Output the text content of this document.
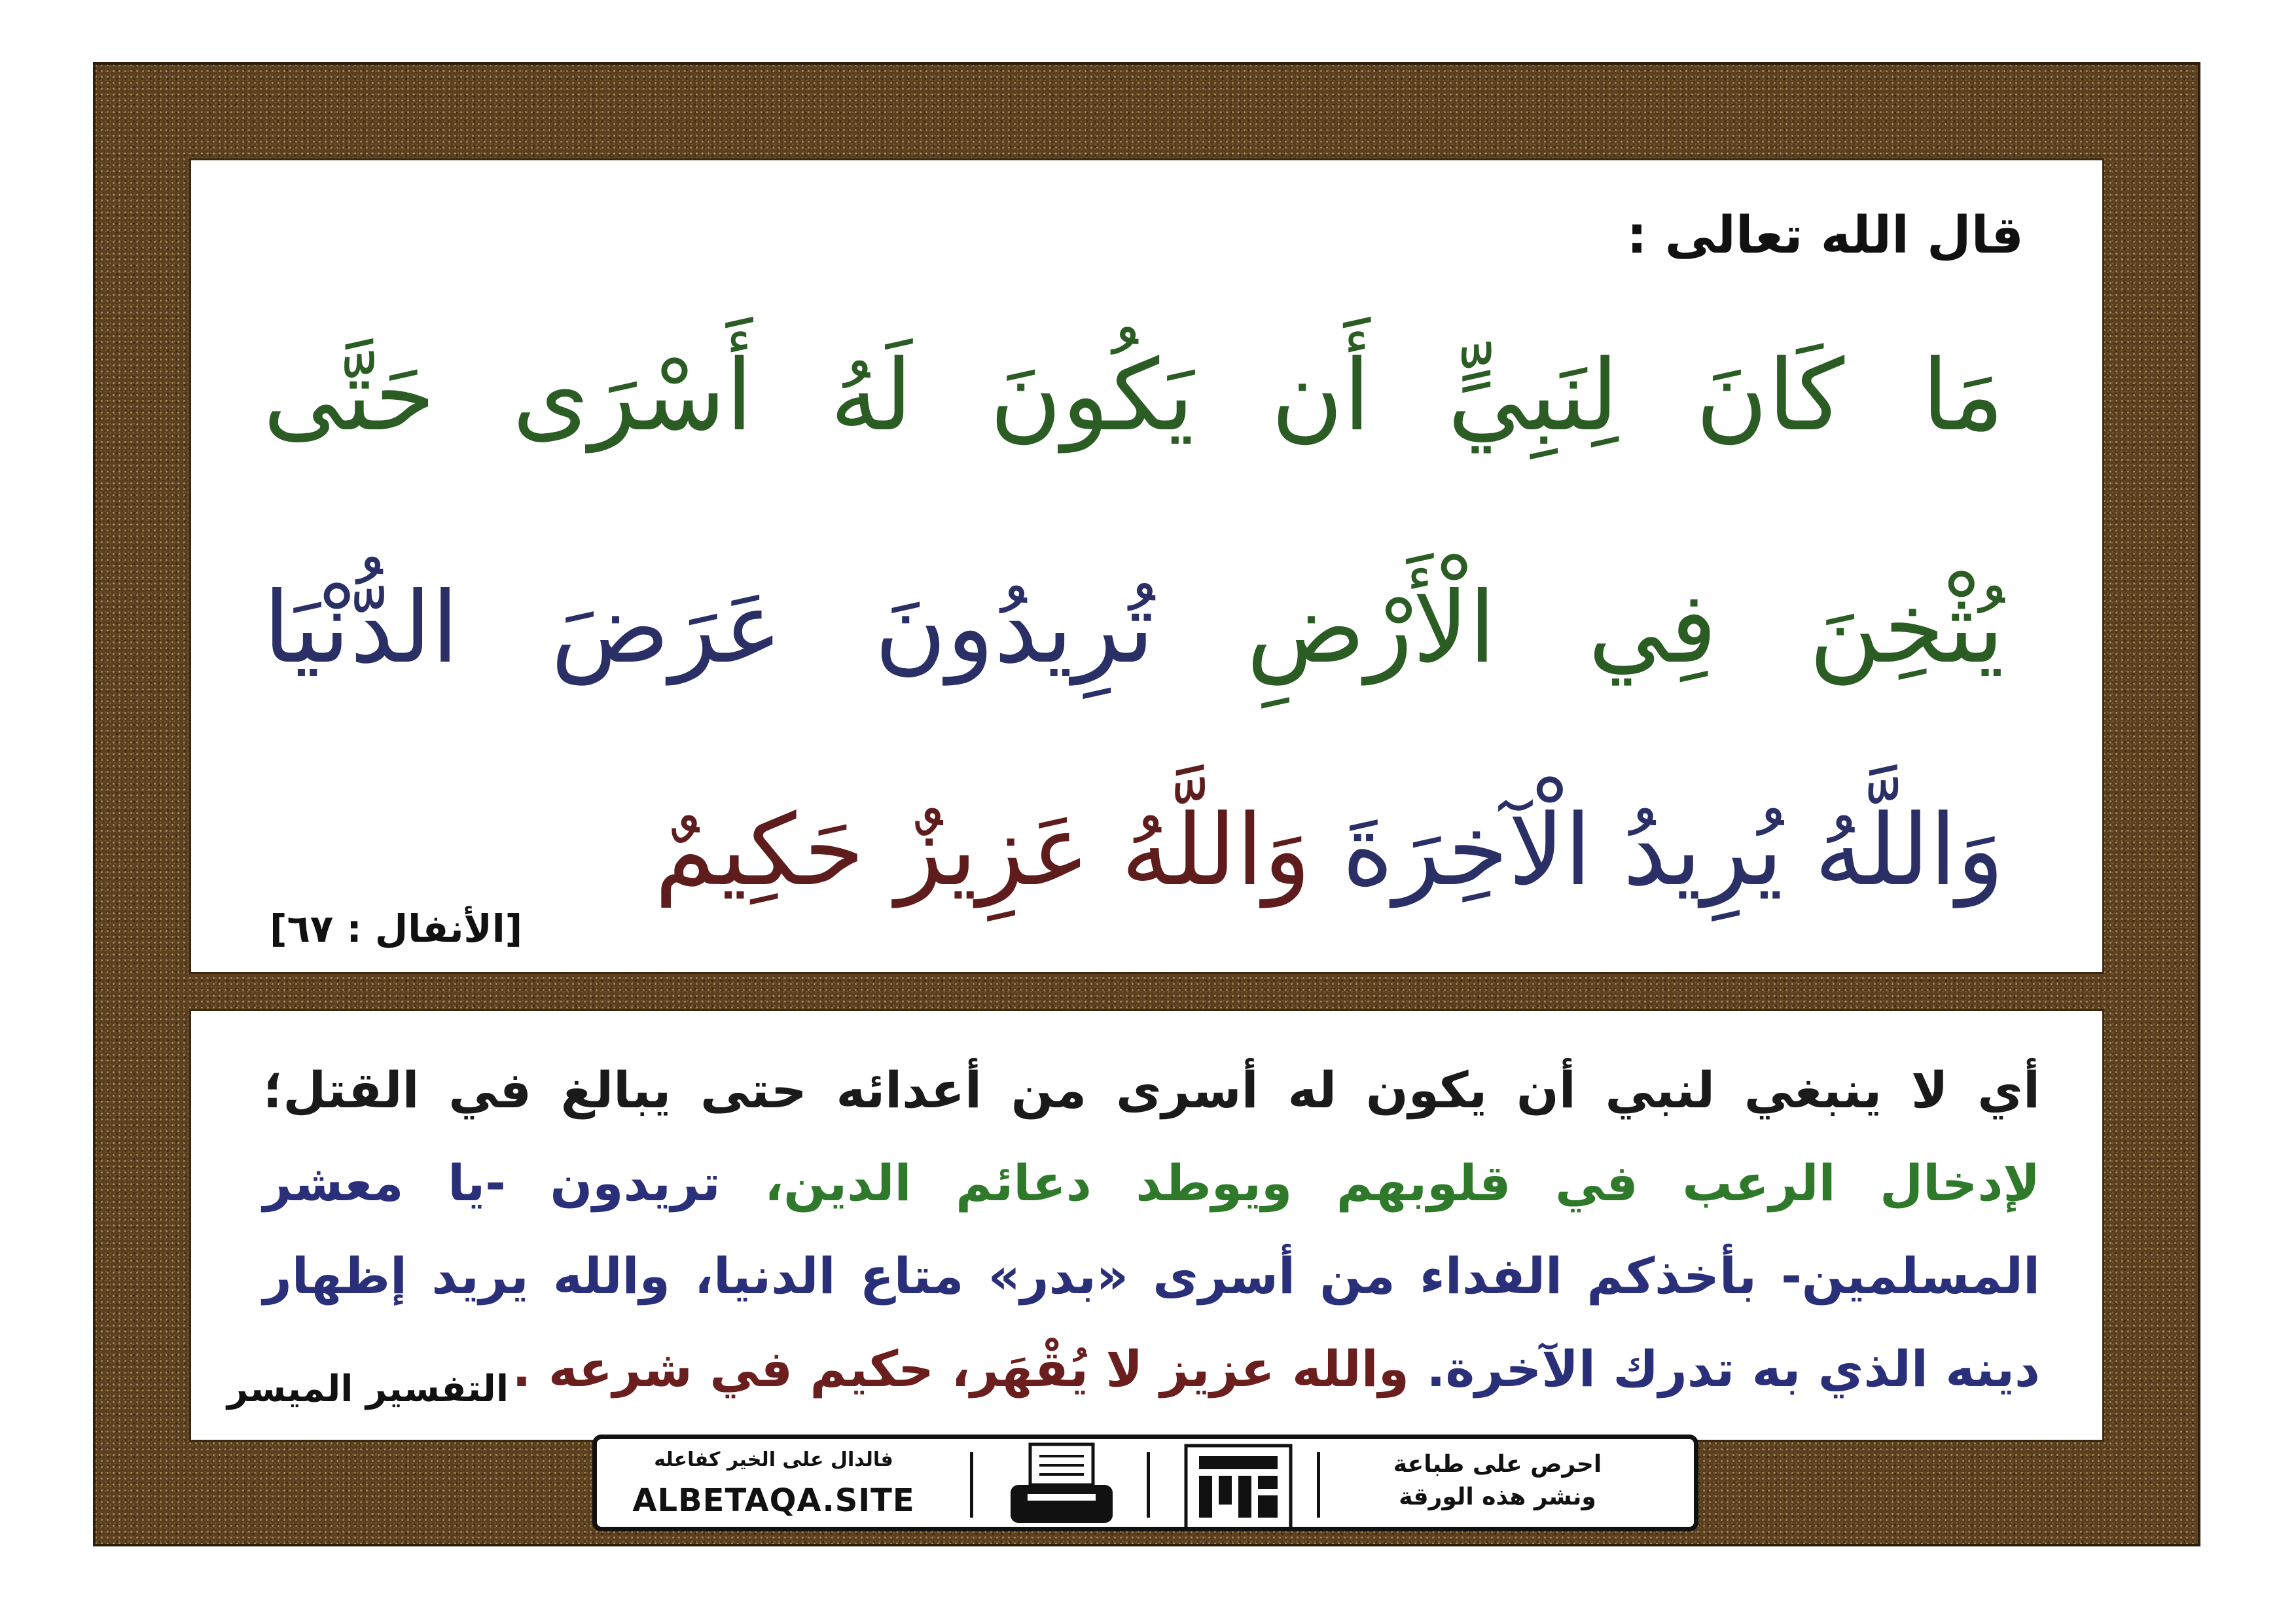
قال الله تعالى :
مَا كَانَ لِنَبِيٍّ أَن يَكُونَ لَهُ أَسْرَى حَتَّى
يُثْخِنَ فِي الْأَرْضِ تُرِيدُونَ عَرَضَ الدُّنْيَا
وَاللَّهُ يُرِيدُ الْآخِرَةَ وَاللَّهُ عَزِيزٌ حَكِيمٌ
[الأنفال : ٦٧]
أي لا ينبغي لنبي أن يكون له أسرى من أعدائه حتى يبالغ في القتل؛ لإدخال الرعب في قلوبهم ويوطد دعائم الدين، تريدون -يا معشر المسلمين- بأخذكم الفداء من أسرى «بدر» متاع الدنيا، والله يريد إظهار دينه الذي به تدرك الآخرة. والله عزيز لا يُقْهَر، حكيم في شرعه .
التفسير الميسر
فالدال على الخير كفاعله
ALBETAQA.SITE
احرص على طباعة
ونشر هذه الورقة
